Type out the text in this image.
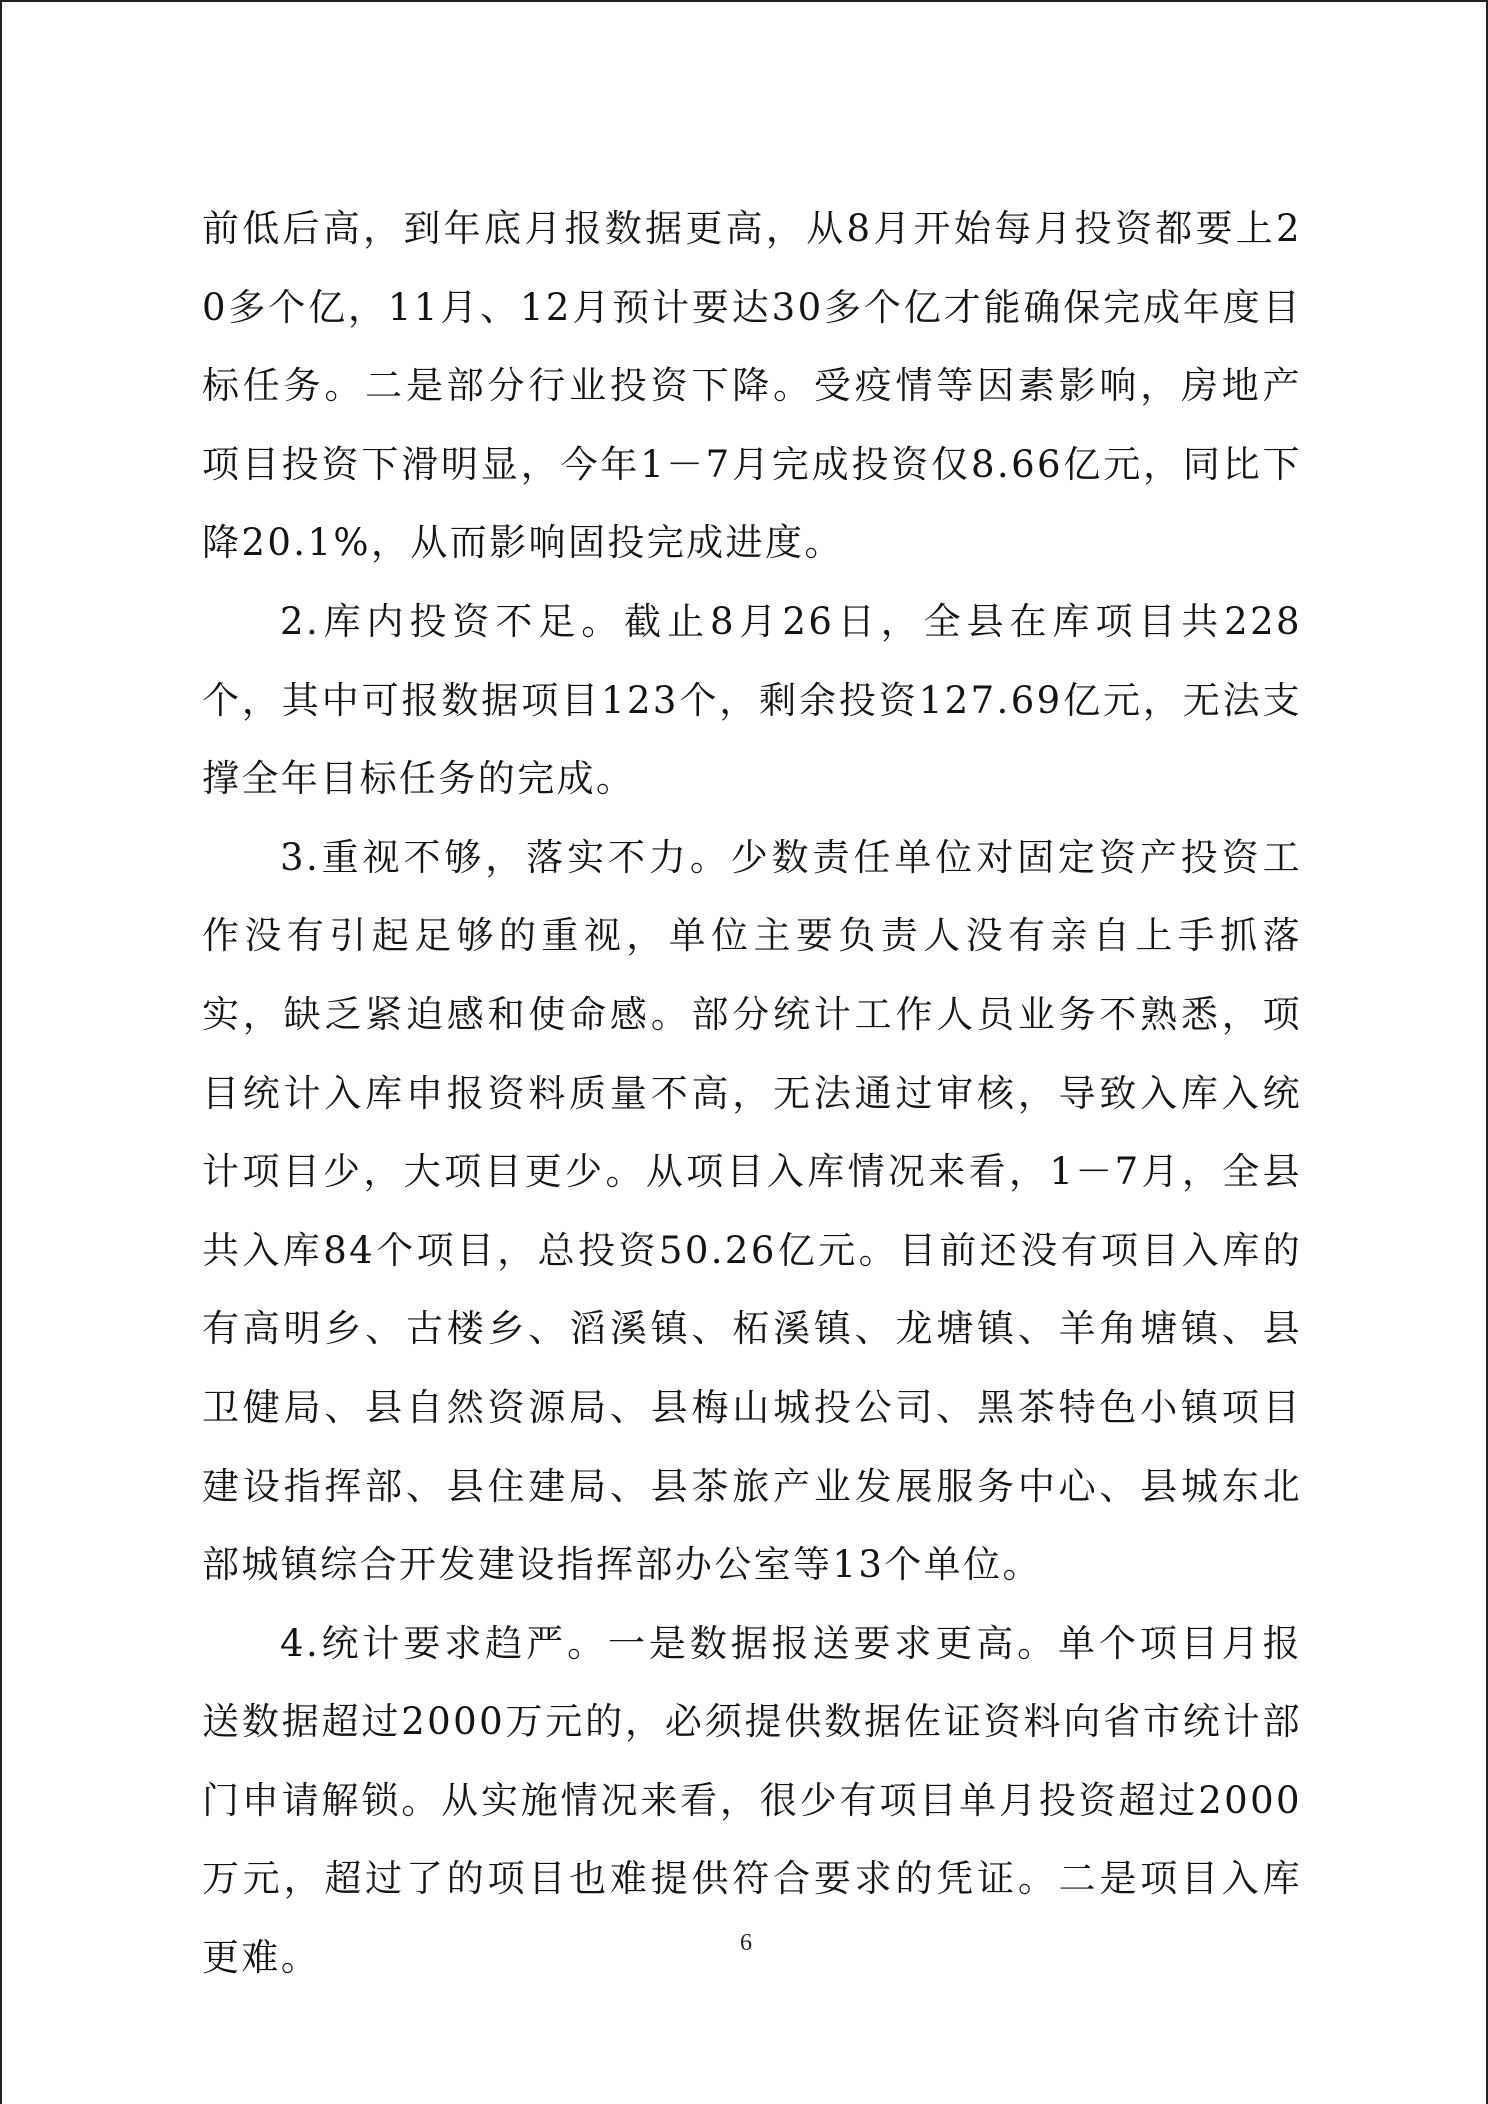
前低后高，到年底月报数据更高，从8月开始每月投资都要上20多个亿，11月、12月预计要达30多个亿才能确保完成年度目标任务。二是部分行业投资下降。受疫情等因素影响，房地产项目投资下滑明显，今年1－7月完成投资仅8.66亿元，同比下降20.1%，从而影响固投完成进度。

2.库内投资不足。截止8月26日，全县在库项目共228个，其中可报数据项目123个，剩余投资127.69亿元，无法支撑全年目标任务的完成。

3.重视不够，落实不力。少数责任单位对固定资产投资工作没有引起足够的重视，单位主要负责人没有亲自上手抓落实，缺乏紧迫感和使命感。部分统计工作人员业务不熟悉，项目统计入库申报资料质量不高，无法通过审核，导致入库入统计项目少，大项目更少。从项目入库情况来看，1－7月，全县共入库84个项目，总投资50.26亿元。目前还没有项目入库的有高明乡、古楼乡、滔溪镇、柘溪镇、龙塘镇、羊角塘镇、县卫健局、县自然资源局、县梅山城投公司、黑茶特色小镇项目建设指挥部、县住建局、县茶旅产业发展服务中心、县城东北部城镇综合开发建设指挥部办公室等13个单位。

4.统计要求趋严。一是数据报送要求更高。单个项目月报送数据超过2000万元的，必须提供数据佐证资料向省市统计部门申请解锁。从实施情况来看，很少有项目单月投资超过2000万元，超过了的项目也难提供符合要求的凭证。二是项目入库更难。	6
